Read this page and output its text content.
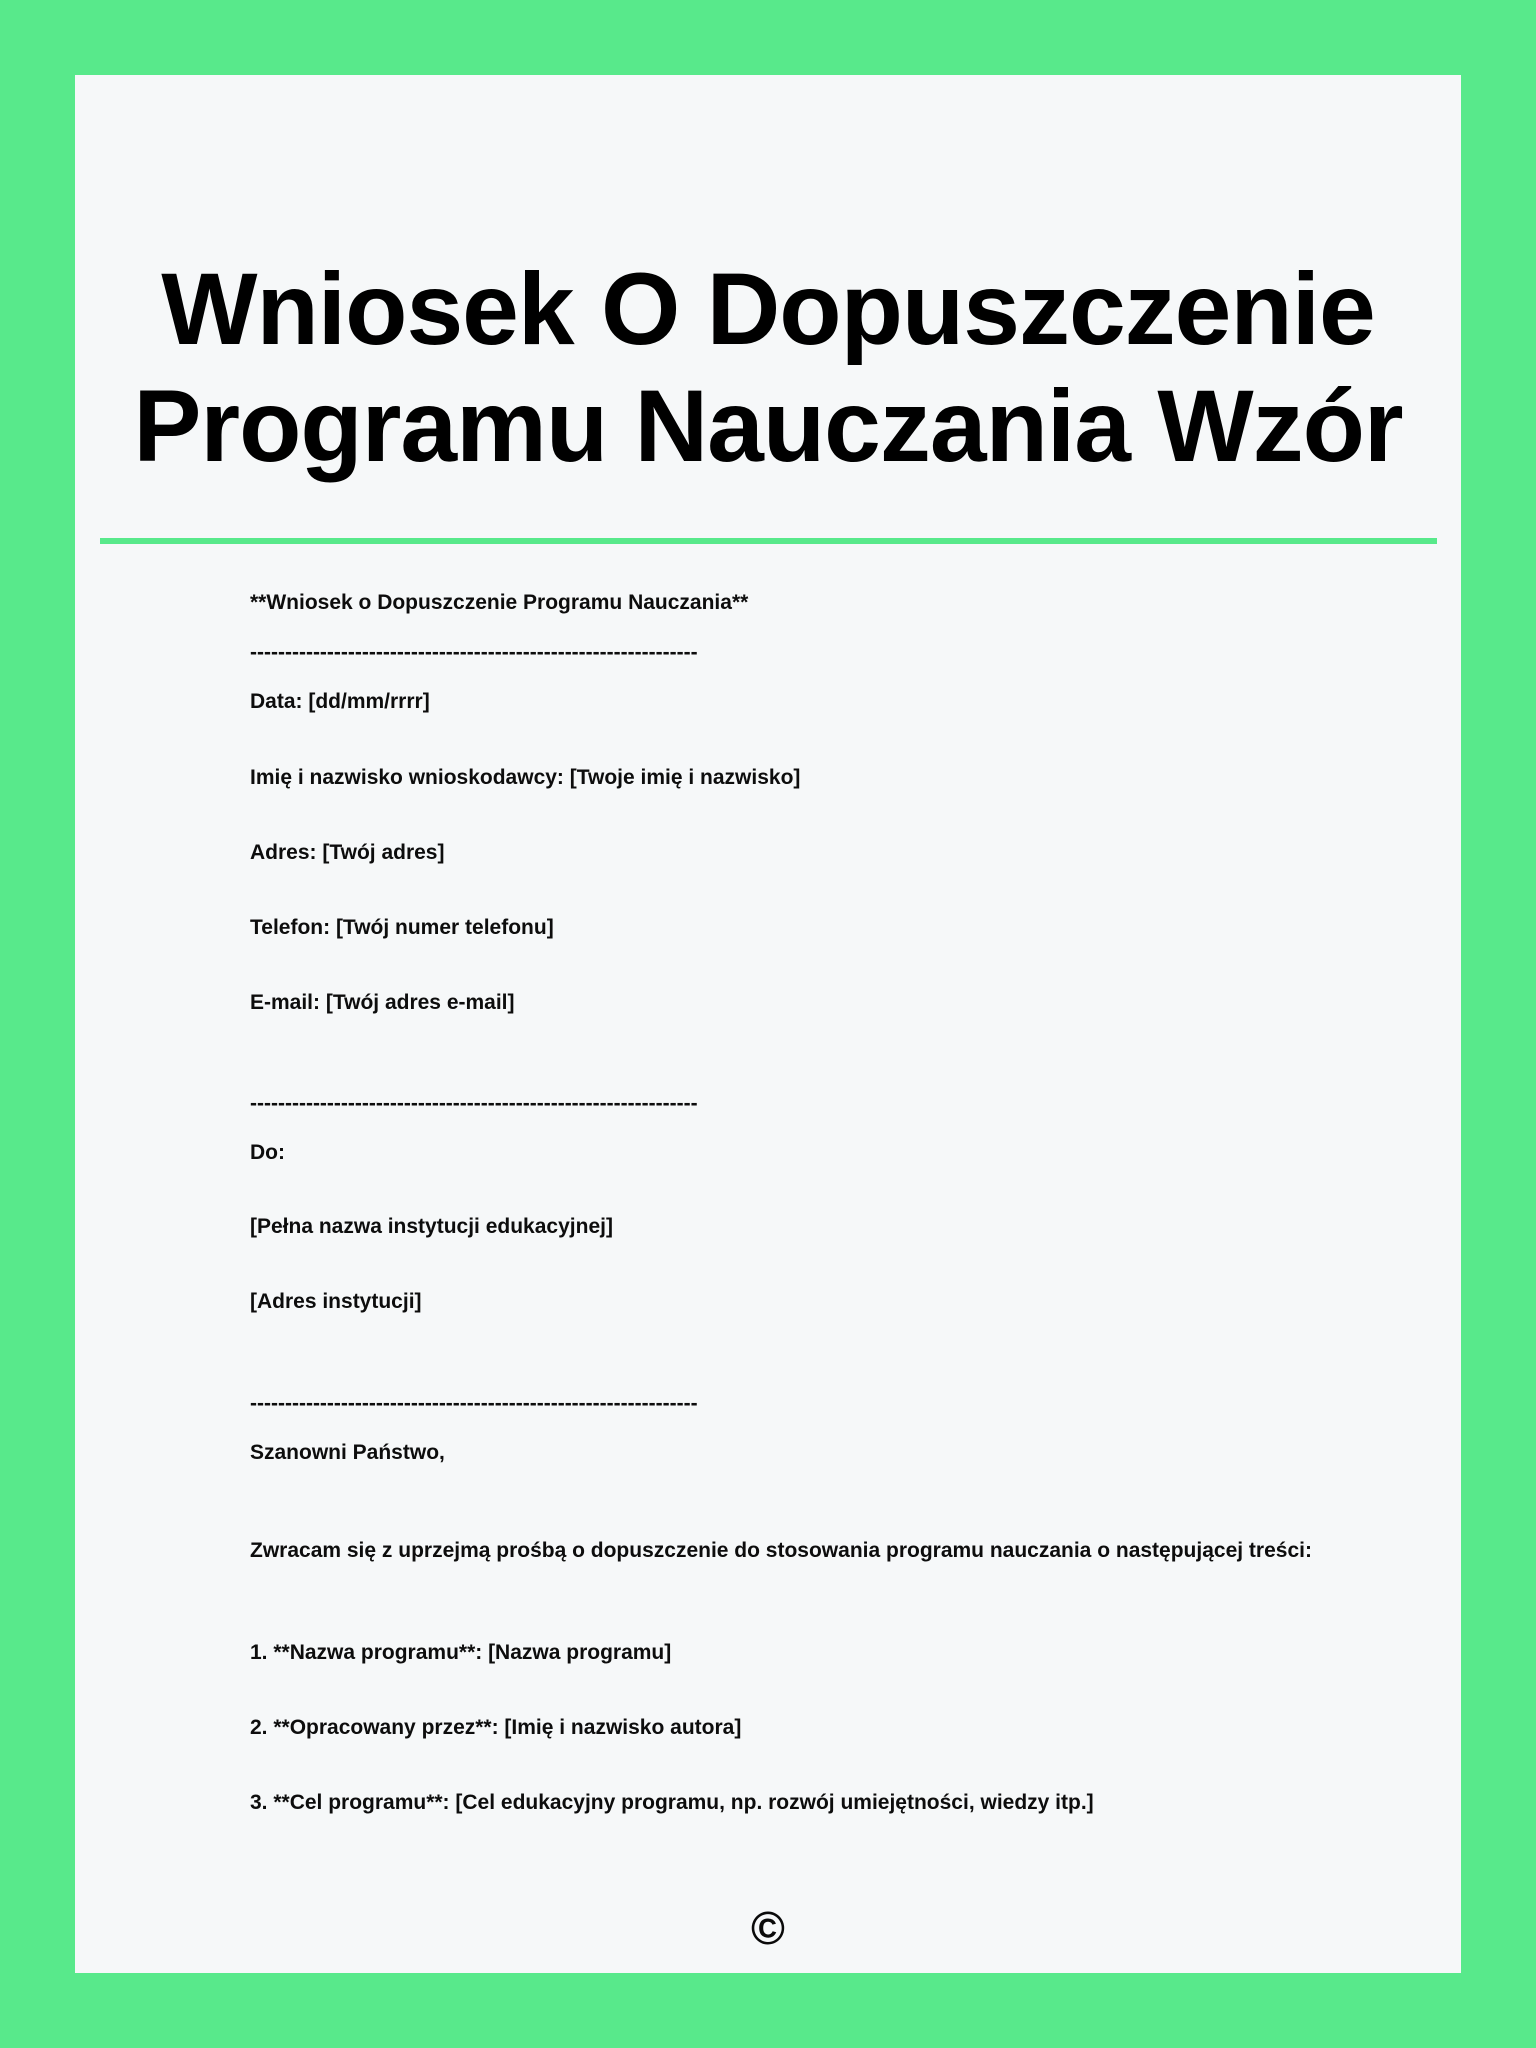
Wniosek O Dopuszczenie Programu Nauczania Wzór
**Wniosek o Dopuszczenie Programu Nauczania**
----------------------------------------------------------------
Data: [dd/mm/rrrr]
Imię i nazwisko wnioskodawcy: [Twoje imię i nazwisko]
Adres: [Twój adres]
Telefon: [Twój numer telefonu]
E-mail: [Twój adres e-mail]
----------------------------------------------------------------
Do:
[Pełna nazwa instytucji edukacyjnej]
[Adres instytucji]
----------------------------------------------------------------
Szanowni Państwo,
Zwracam się z uprzejmą prośbą o dopuszczenie do stosowania programu nauczania o następującej treści:
1. **Nazwa programu**: [Nazwa programu]
2. **Opracowany przez**: [Imię i nazwisko autora]
3. **Cel programu**: [Cel edukacyjny programu, np. rozwój umiejętności, wiedzy itp.]
©
